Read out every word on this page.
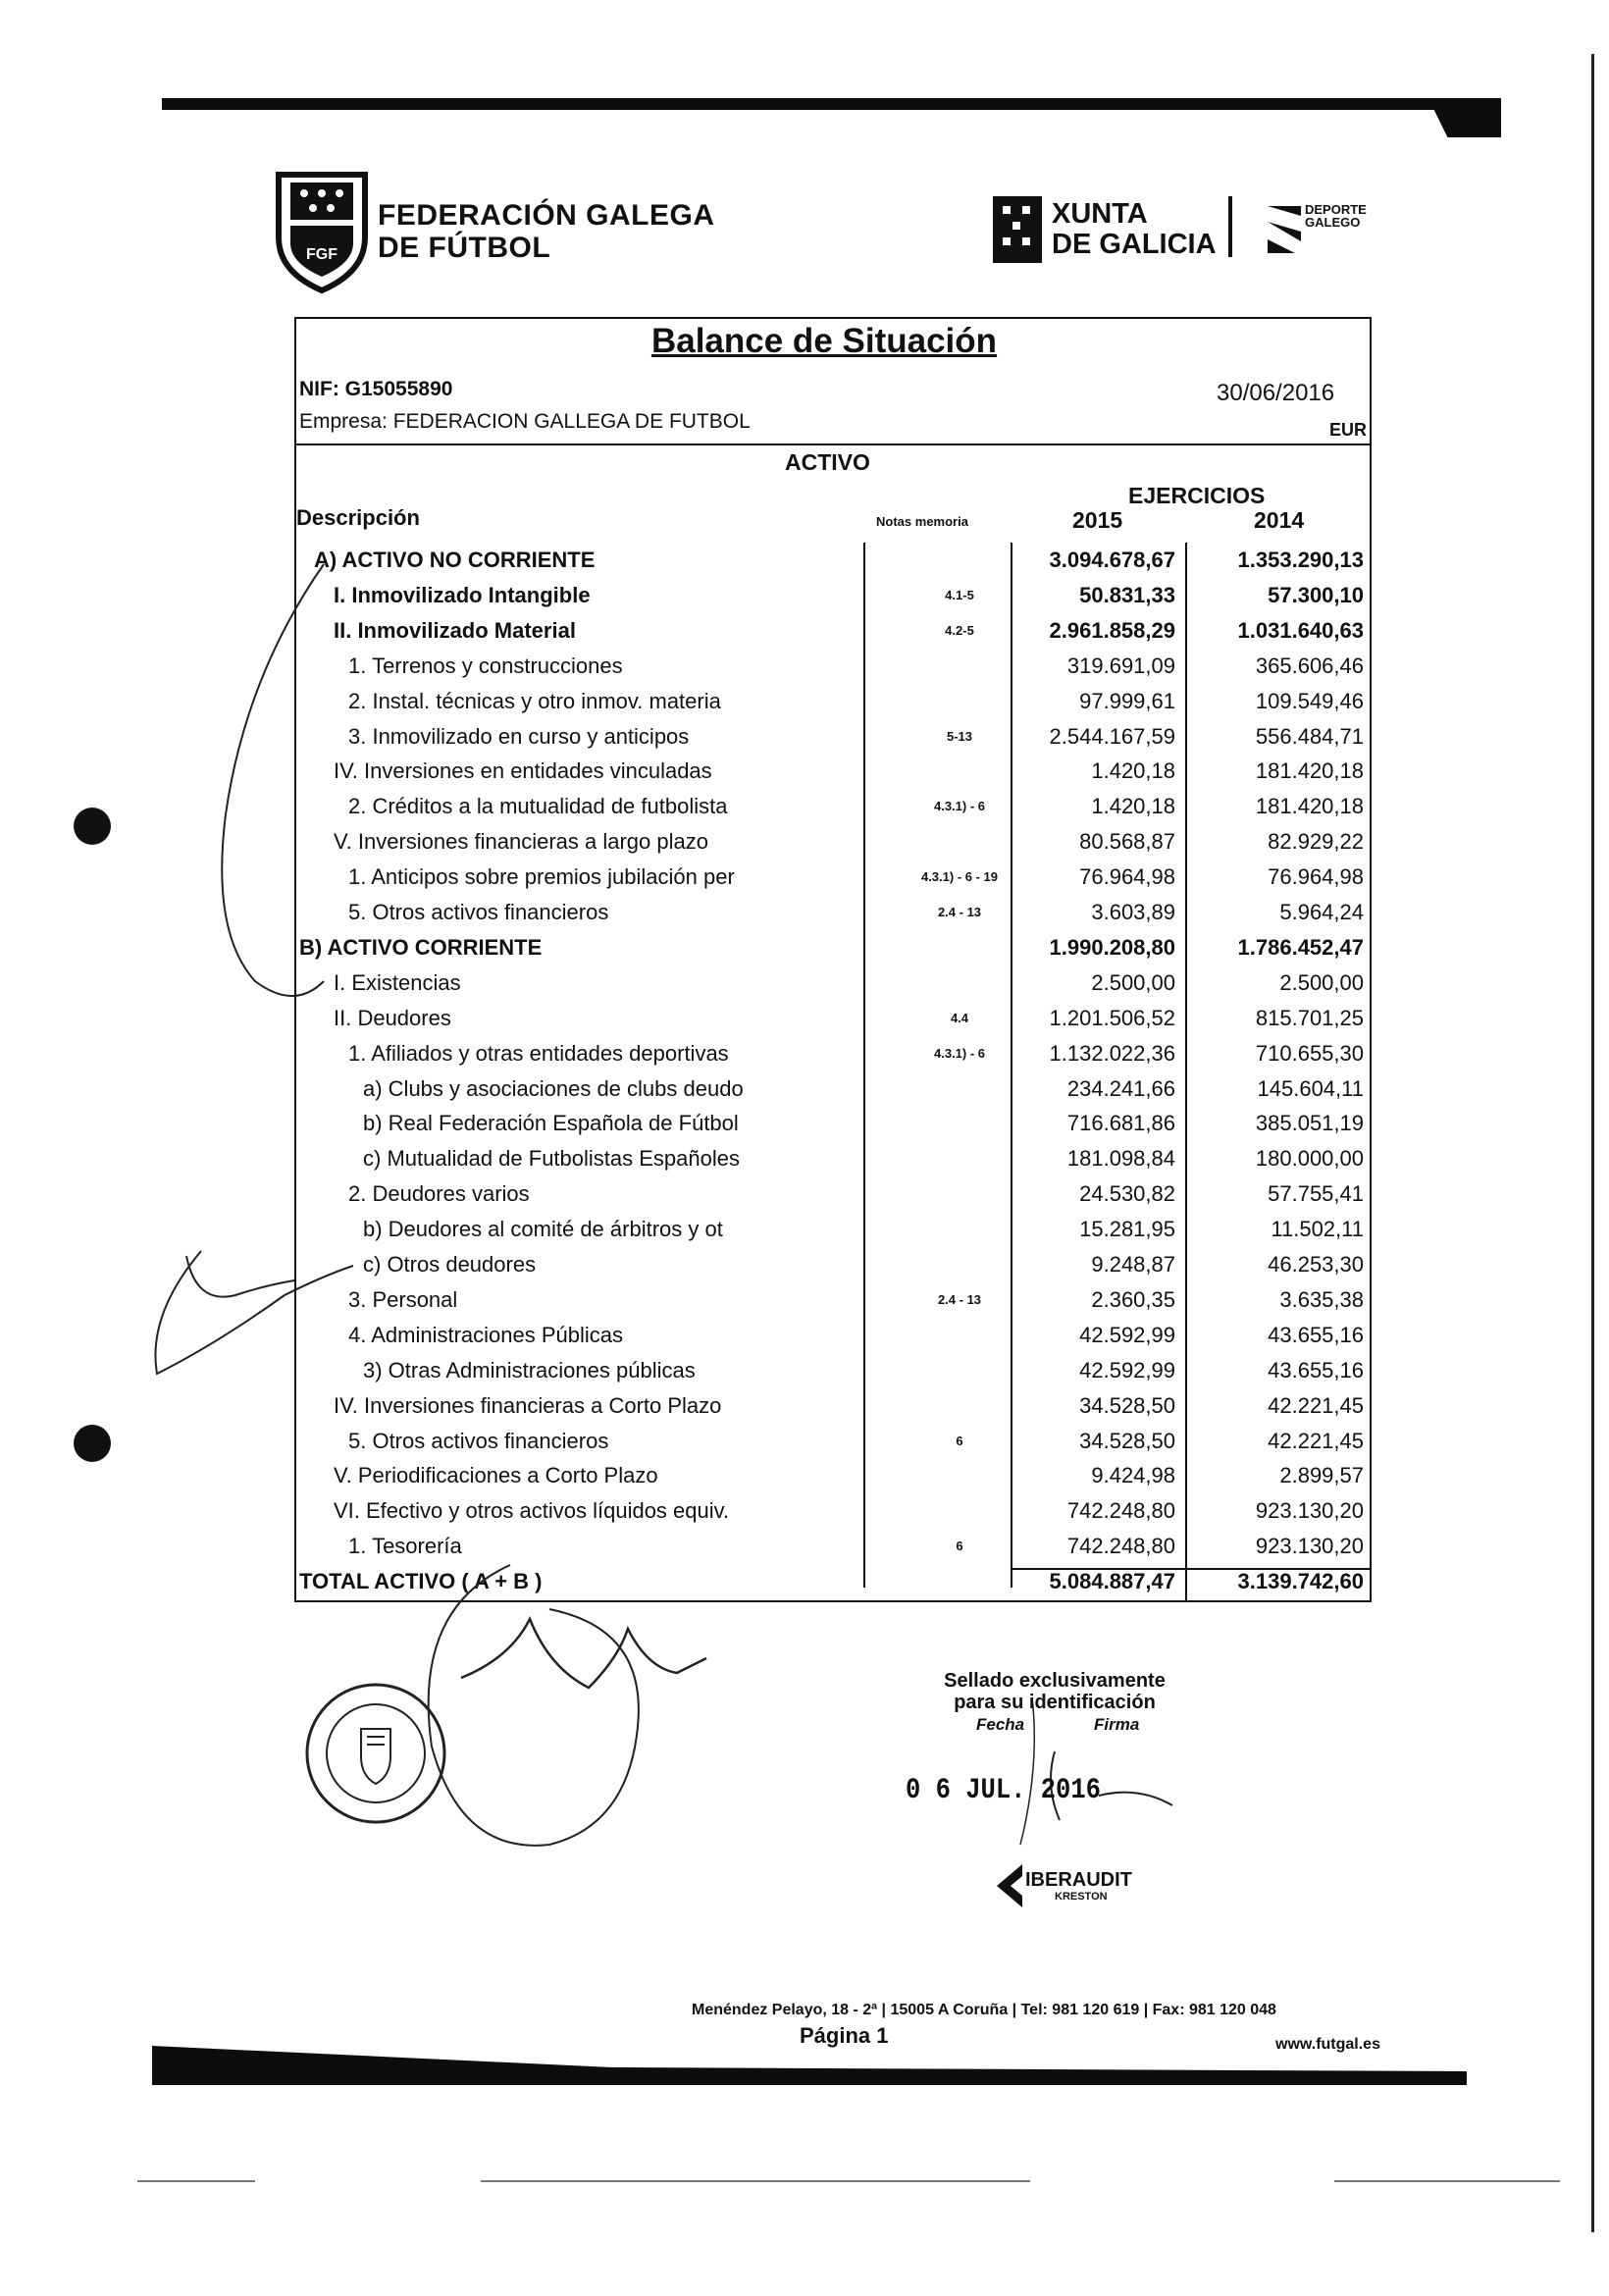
FGF
FEDERACIÓN GALEGA
DE FÚTBOL
XUNTA
DE GALICIA
DEPORTE
GALEGO
Balance de Situación
NIF: G15055890	30/06/2016
Empresa: FEDERACION GALLEGA DE FUTBOL	EUR
ACTIVO
EJERCICIOS
Descripción	Notas memoria	2015	2014
A) ACTIVO NO CORRIENTE	3.094.678,67	1.353.290,13
I. Inmovilizado Intangible	4.1-5	50.831,33	57.300,10
II. Inmovilizado Material	4.2-5	2.961.858,29	1.031.640,63
1. Terrenos y construcciones	319.691,09	365.606,46
2. Instal. técnicas y otro inmov. materia	97.999,61	109.549,46
3. Inmovilizado en curso y anticipos	5-13	2.544.167,59	556.484,71
IV. Inversiones en entidades vinculadas	1.420,18	181.420,18
2. Créditos a la mutualidad de futbolista	4.3.1) - 6	1.420,18	181.420,18
V. Inversiones financieras a largo plazo	80.568,87	82.929,22
1. Anticipos sobre premios jubilación per	4.3.1) - 6 - 19	76.964,98	76.964,98
5. Otros activos financieros	2.4 - 13	3.603,89	5.964,24
B) ACTIVO CORRIENTE	1.990.208,80	1.786.452,47
I. Existencias	2.500,00	2.500,00
II. Deudores	4.4	1.201.506,52	815.701,25
1. Afiliados y otras entidades deportivas	4.3.1) - 6	1.132.022,36	710.655,30
a) Clubs y asociaciones de clubs deudo	234.241,66	145.604,11
b) Real Federación Española de Fútbol	716.681,86	385.051,19
c) Mutualidad de Futbolistas Españoles	181.098,84	180.000,00
2. Deudores varios	24.530,82	57.755,41
b) Deudores al comité de árbitros y ot	15.281,95	11.502,11
c) Otros deudores	9.248,87	46.253,30
3. Personal	2.4 - 13	2.360,35	3.635,38
4. Administraciones Públicas	42.592,99	43.655,16
3) Otras Administraciones públicas	42.592,99	43.655,16
IV. Inversiones financieras a Corto Plazo	34.528,50	42.221,45
5. Otros activos financieros	6	34.528,50	42.221,45
V. Periodificaciones a Corto Plazo	9.424,98	2.899,57
VI. Efectivo y otros activos líquidos equiv.	742.248,80	923.130,20
1. Tesorería	6	742.248,80	923.130,20
TOTAL ACTIVO ( A + B )	5.084.887,47	3.139.742,60
Sellado exclusivamente
para su identificación
Fecha	Firma
0 6 JUL. 2016
IBERAUDIT
KRESTON
Menéndez Pelayo, 18 - 2ª | 15005 A Coruña | Tel: 981 120 619 | Fax: 981 120 048
Página 1	www.futgal.es
